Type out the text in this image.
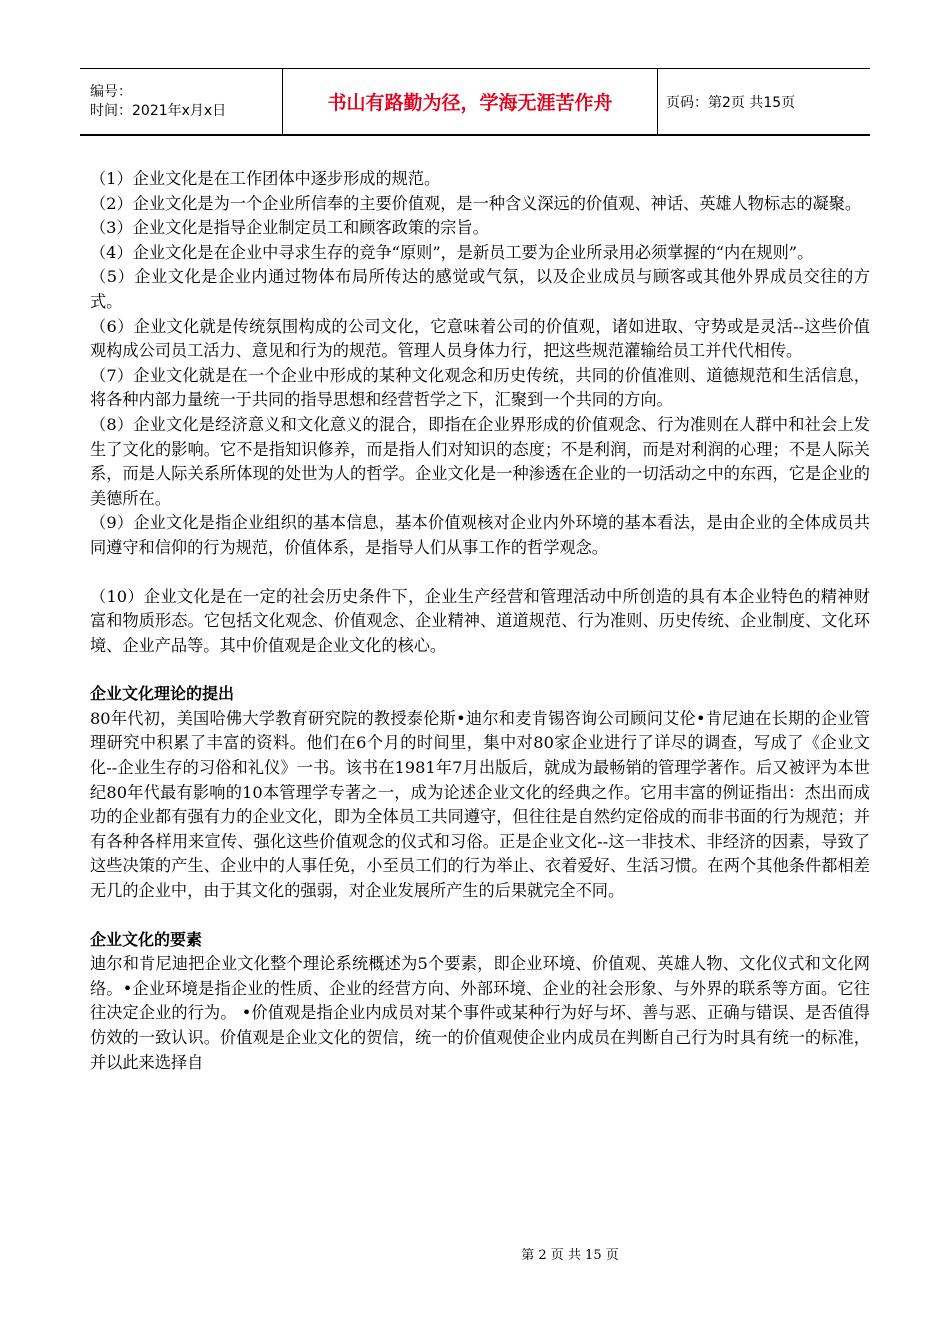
编号：
时间：2021年x月x日	书山有路勤为径，学海无涯苦作舟	页码：第2页 共15页

（1）企业文化是在工作团体中逐步形成的规范。

（2）企业文化是为一个企业所信奉的主要价值观，是一种含义深远的价值观、神话、英雄人物标志的凝聚。

（3）企业文化是指导企业制定员工和顾客政策的宗旨。

（4）企业文化是在企业中寻求生存的竞争“原则”，是新员工要为企业所录用必须掌握的“内在规则”。

（5）企业文化是企业内通过物体布局所传达的感觉或气氛，以及企业成员与顾客或其他外界成员交往的方式。

（6）企业文化就是传统氛围构成的公司文化，它意味着公司的价值观，诸如进取、守势或是灵活--这些价值观构成公司员工活力、意见和行为的规范。管理人员身体力行，把这些规范灌输给员工并代代相传。

（7）企业文化就是在一个企业中形成的某种文化观念和历史传统，共同的价值准则、道德规范和生活信息，将各种内部力量统一于共同的指导思想和经营哲学之下，汇聚到一个共同的方向。

（8）企业文化是经济意义和文化意义的混合，即指在企业界形成的价值观念、行为准则在人群中和社会上发生了文化的影响。它不是指知识修养，而是指人们对知识的态度；不是利润，而是对利润的心理；不是人际关系，而是人际关系所体现的处世为人的哲学。企业文化是一种渗透在企业的一切活动之中的东西，它是企业的美德所在。

（9）企业文化是指企业组织的基本信息，基本价值观核对企业内外环境的基本看法，是由企业的全体成员共同遵守和信仰的行为规范，价值体系，是指导人们从事工作的哲学观念。

（10）企业文化是在一定的社会历史条件下，企业生产经营和管理活动中所创造的具有本企业特色的精神财富和物质形态。它包括文化观念、价值观念、企业精神、道道规范、行为准则、历史传统、企业制度、文化环境、企业产品等。其中价值观是企业文化的核心。

企业文化理论的提出

80年代初，美国哈佛大学教育研究院的教授泰伦斯•迪尔和麦肯锡咨询公司顾问艾伦•肯尼迪在长期的企业管理研究中积累了丰富的资料。他们在6个月的时间里，集中对80家企业进行了详尽的调查，写成了《企业文化--企业生存的习俗和礼仪》一书。该书在1981年7月出版后，就成为最畅销的管理学著作。后又被评为本世纪80年代最有影响的10本管理学专著之一，成为论述企业文化的经典之作。它用丰富的例证指出：杰出而成功的企业都有强有力的企业文化，即为全体员工共同遵守，但往往是自然约定俗成的而非书面的行为规范；并有各种各样用来宣传、强化这些价值观念的仪式和习俗。正是企业文化--这一非技术、非经济的因素，导致了这些决策的产生、企业中的人事任免，小至员工们的行为举止、衣着爱好、生活习惯。在两个其他条件都相差无几的企业中，由于其文化的强弱，对企业发展所产生的后果就完全不同。

企业文化的要素

迪尔和肯尼迪把企业文化整个理论系统概述为5个要素，即企业环境、价值观、英雄人物、文化仪式和文化网络。•企业环境是指企业的性质、企业的经营方向、外部环境、企业的社会形象、与外界的联系等方面。它往往决定企业的行为。 •价值观是指企业内成员对某个事件或某种行为好与坏、善与恶、正确与错误、是否值得仿效的一致认识。价值观是企业文化的贺信，统一的价值观使企业内成员在判断自己行为时具有统一的标准，并以此来选择自

第 2 页 共 15 页
